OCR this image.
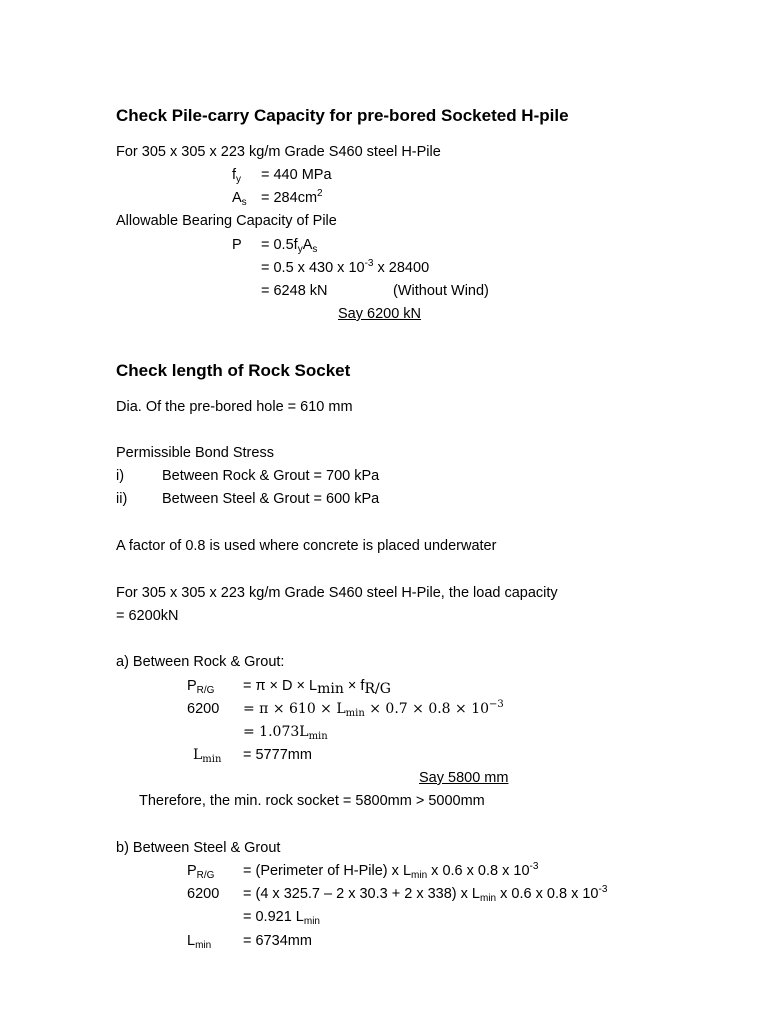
Check Pile-carry Capacity for pre-bored Socketed H-pile
For 305 x 305 x 223 kg/m Grade S460 steel H-Pile
$f_y = 440$ MPa
$A_s = 284cm^2$
Allowable Bearing Capacity of Pile
$P = 0.5f_yA_s$
= 0.5 x 430 x $10^{-3}$ x 28400
= 6248 kN	(Without Wind)
Say 6200 kN
Check length of Rock Socket
Dia. Of the pre-bored hole = 610 mm
Permissible Bond Stress
i)	Between Rock & Grout = 700 kPa
ii) Between Steel & Grout = 600 kPa
A factor of 0.8 is used where concrete is placed underwater
For 305 x 305 x 223 kg/m Grade S460 steel H-Pile, the load capacity
= 6200kN
a) Between Rock & Grout:
$P_{R/G} = \pi \times D \times L_{min} \times f_{R/G}$
$6200 = \pi \times 610 \times L_{min} \times 0.7 \times 0.8 \times 10^{-3}$
= $1.073L_{min}$
$L_{min} = 5777mm$
Say 5800 mm
Therefore, the min. rock socket = 5800mm > 5000mm
b) Between Steel & Grout
$P_{R/G}$ = (Perimeter of H-Pile) x $L_{min}$ x 0.6 x 0.8 x $10^{-3}$
6200 = (4 x 325.7 – 2 x 30.3 + 2 x 338) x $L_{min}$ x 0.6 x 0.8 x $10^{-3}$
= 0.921 $L_{min}$
$L_{min} = 6734mm$
